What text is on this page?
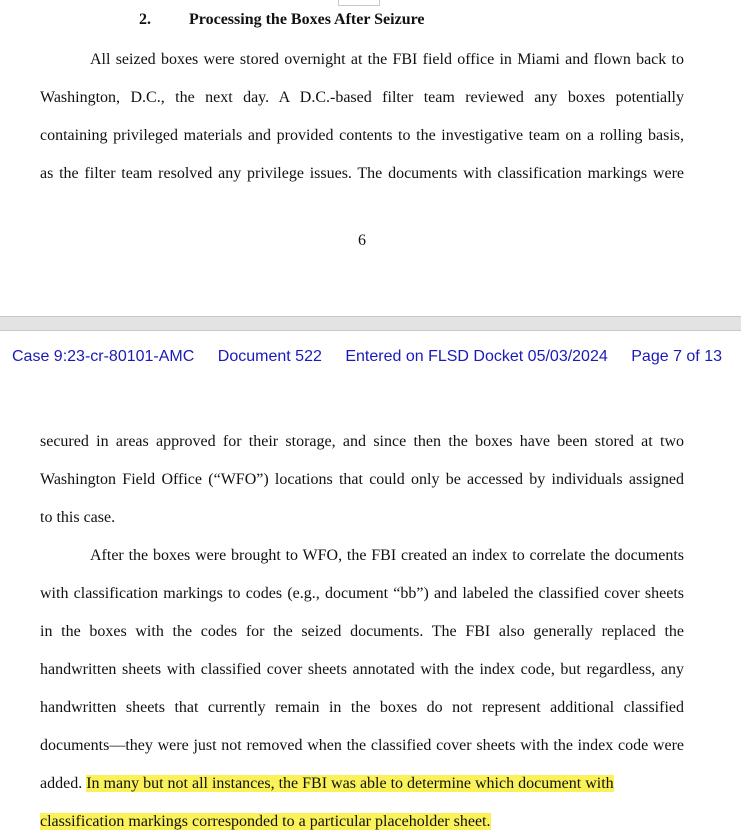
2. Processing the Boxes After Seizure

All seized boxes were stored overnight at the FBI field office in Miami and flown back to

Washington, D.C., the next day. A D.C.-based filter team reviewed any boxes potentially

containing privileged materials and provided contents to the investigative team on a rolling basis,

as the filter team resolved any privilege issues. The documents with classification markings were

6

Case 9:23-cr-80101-AMC Document 522 Entered on FLSD Docket 05/03/2024 Page 7 of 13

secured in areas approved for their storage, and since then the boxes have been stored at two

Washington Field Office (“WFO”) locations that could only be accessed by individuals assigned

to this case.

After the boxes were brought to WFO, the FBI created an index to correlate the documents

with classification markings to codes (e.g., document “bb”) and labeled the classified cover sheets

in the boxes with the codes for the seized documents. The FBI also generally replaced the

handwritten sheets with classified cover sheets annotated with the index code, but regardless, any

handwritten sheets that currently remain in the boxes do not represent additional classified

documents—they were just not removed when the classified cover sheets with the index code were

added. In many but not all instances, the FBI was able to determine which document with

classification markings corresponded to a particular placeholder sheet.
